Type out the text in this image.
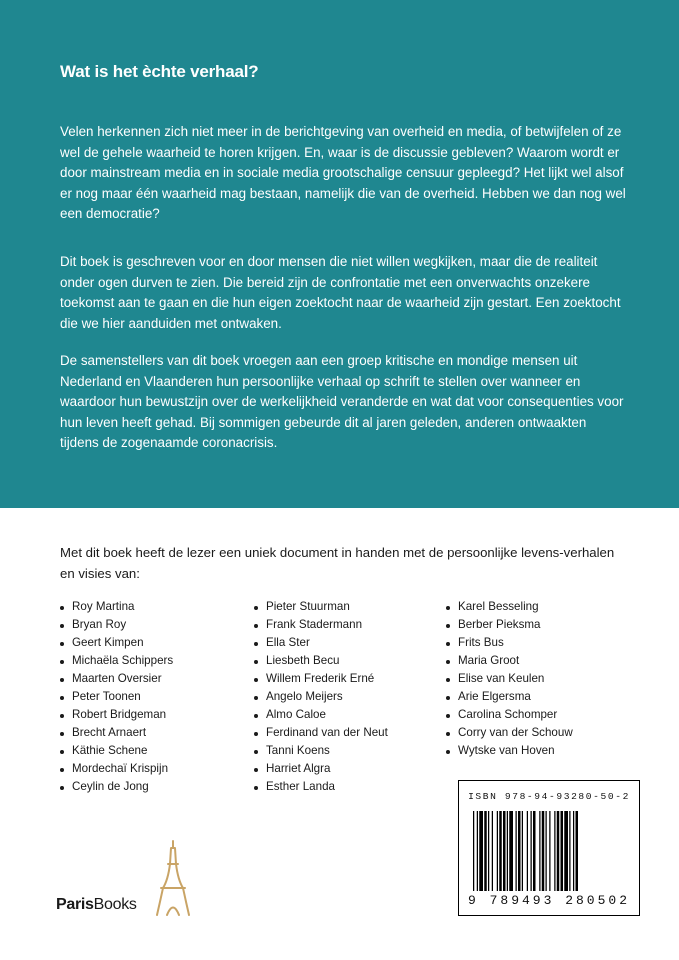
Wat is het èchte verhaal?

Velen herkennen zich niet meer in de berichtgeving van overheid en media, of betwijfelen of ze wel de gehele waarheid te horen krijgen. En, waar is de discussie gebleven? Waarom wordt er door mainstream media en in sociale media grootschalige censuur gepleegd? Het lijkt wel alsof er nog maar één waarheid mag bestaan, namelijk die van de overheid. Hebben we dan nog wel een democratie?

Dit boek is geschreven voor en door mensen die niet willen wegkijken, maar die de realiteit onder ogen durven te zien. Die bereid zijn de confrontatie met een onverwachts onzekere toekomst aan te gaan en die hun eigen zoektocht naar de waarheid zijn gestart. Een zoektocht die we hier aanduiden met ontwaken.

De samenstellers van dit boek vroegen aan een groep kritische en mondige mensen uit Nederland en Vlaanderen hun persoonlijke verhaal op schrift te stellen over wanneer en waardoor hun bewustzijn over de werkelijkheid veranderde en wat dat voor consequenties voor hun leven heeft gehad. Bij sommigen gebeurde dit al jaren geleden, anderen ontwaakten tijdens de zogenaamde coronacrisis.

Met dit boek heeft de lezer een uniek document in handen met de persoonlijke levens-verhalen en visies van:

Roy Martina
Bryan Roy
Geert Kimpen
Michaëla Schippers
Maarten Oversier
Peter Toonen
Robert Bridgeman
Brecht Arnaert
Käthie Schene
Mordechaï Krispijn
Ceylin de Jong
Pieter Stuurman
Frank Stadermann
Ella Ster
Liesbeth Becu
Willem Frederik Erné
Angelo Meijers
Almo Caloe
Ferdinand van der Neut
Tanni Koens
Harriet Algra
Esther Landa
Karel Besseling
Berber Pieksma
Frits Bus
Maria Groot
Elise van Keulen
Arie Elgersma
Carolina Schomper
Corry van der Schouw
Wytske van Hoven
ParisBooks
ISBN 978-94-93280-50-2
9 789493 280502
